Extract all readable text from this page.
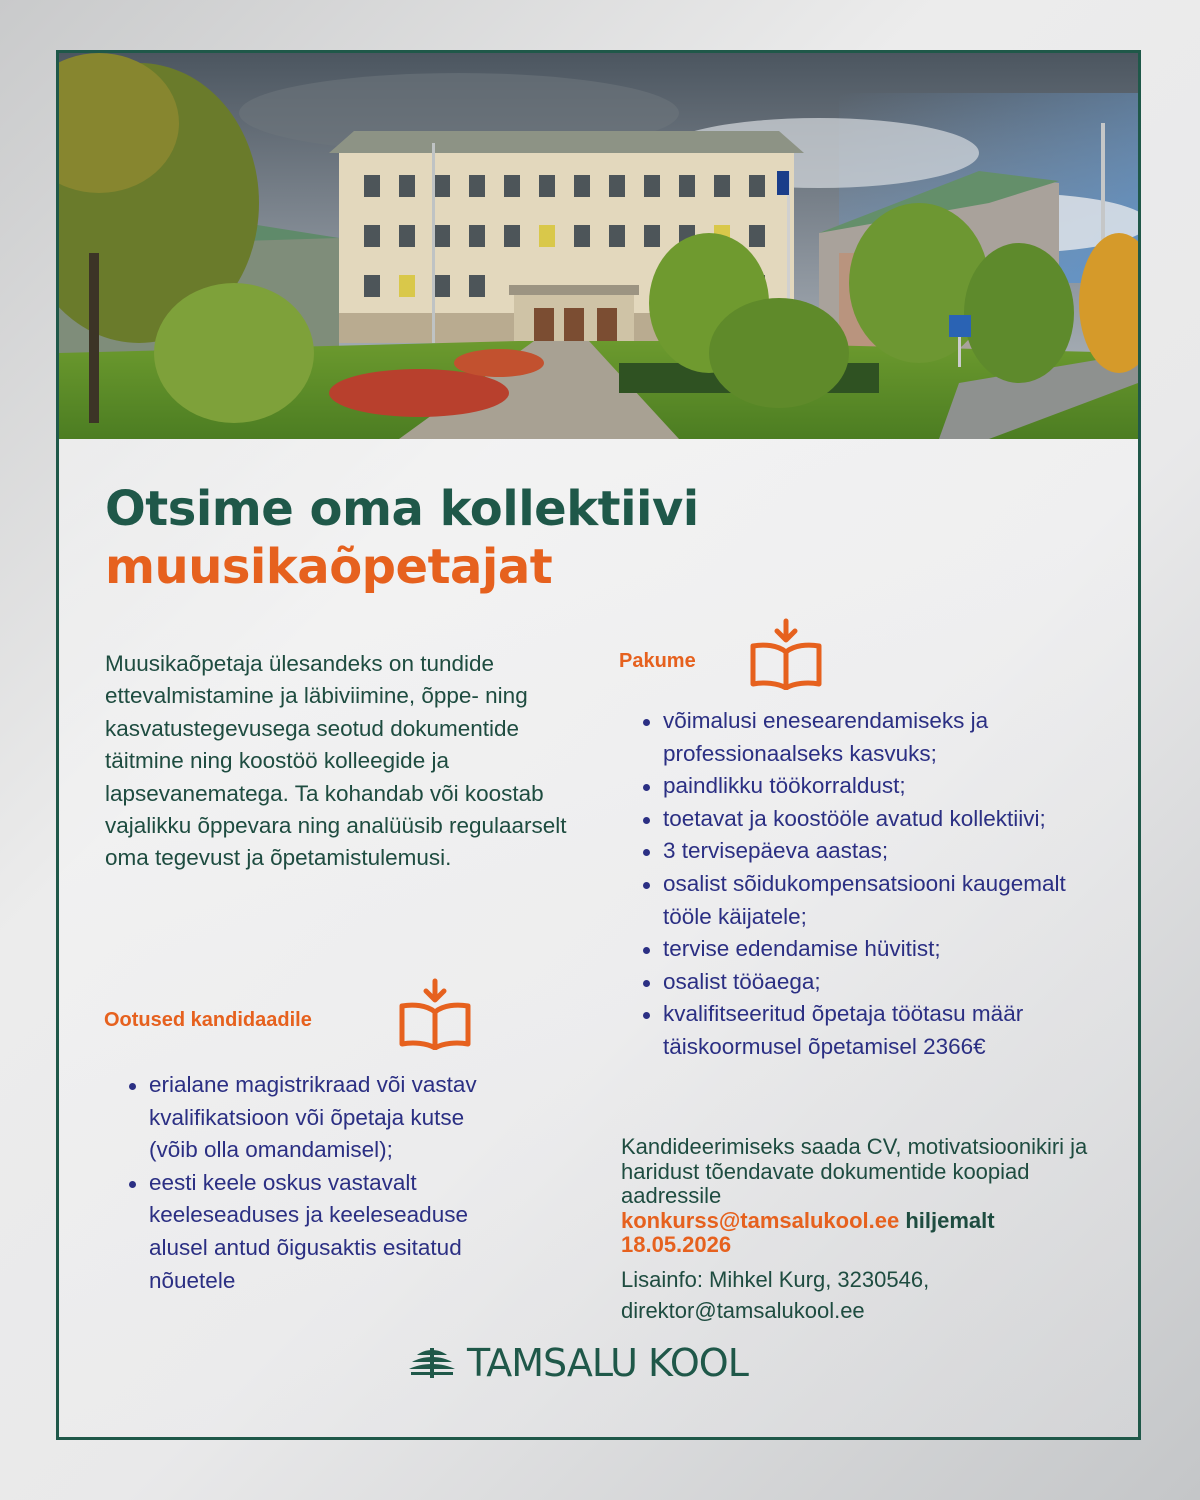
Otsime oma kollektiivi
muusikaõpetajat

Muusikaõpetaja ülesandeks on tundide ettevalmistamine ja läbiviimine, õppe- ning kasvatustegevusega seotud dokumentide täitmine ning koostöö kolleegide ja lapsevanematega. Ta kohandab või koostab vajalikku õppevara ning analüüsib regulaarselt oma tegevust ja õpetamistulemusi.

Ootused kandidaadile
erialane magistrikraad või vastav kvalifikatsioon või õpetaja kutse (võib olla omandamisel);
eesti keele oskus vastavalt keeleseaduses ja keeleseaduse alusel antud õigusaktis esitatud nõuetele
Pakume
võimalusi enesearendamiseks ja professionaalseks kasvuks;
paindlikku töökorraldust;
toetavat ja koostööle avatud kollektiivi;
3 tervisepäeva aastas;
osalist sõidukompensatsiooni kaugemalt tööle käijatele;
tervise edendamise hüvitist;
osalist tööaega;
kvalifitseeritud õpetaja töötasu määr täiskoormusel õpetamisel 2366€
Kandideerimiseks saada CV, motivatsioonikiri ja haridust tõendavate dokumentide koopiad aadressile
konkurss@tamsalukool.ee hiljemalt
18.05.2026

Lisainfo: Mihkel Kurg, 3230546,
direktor@tamsalukool.ee
TAMSALU KOOL
